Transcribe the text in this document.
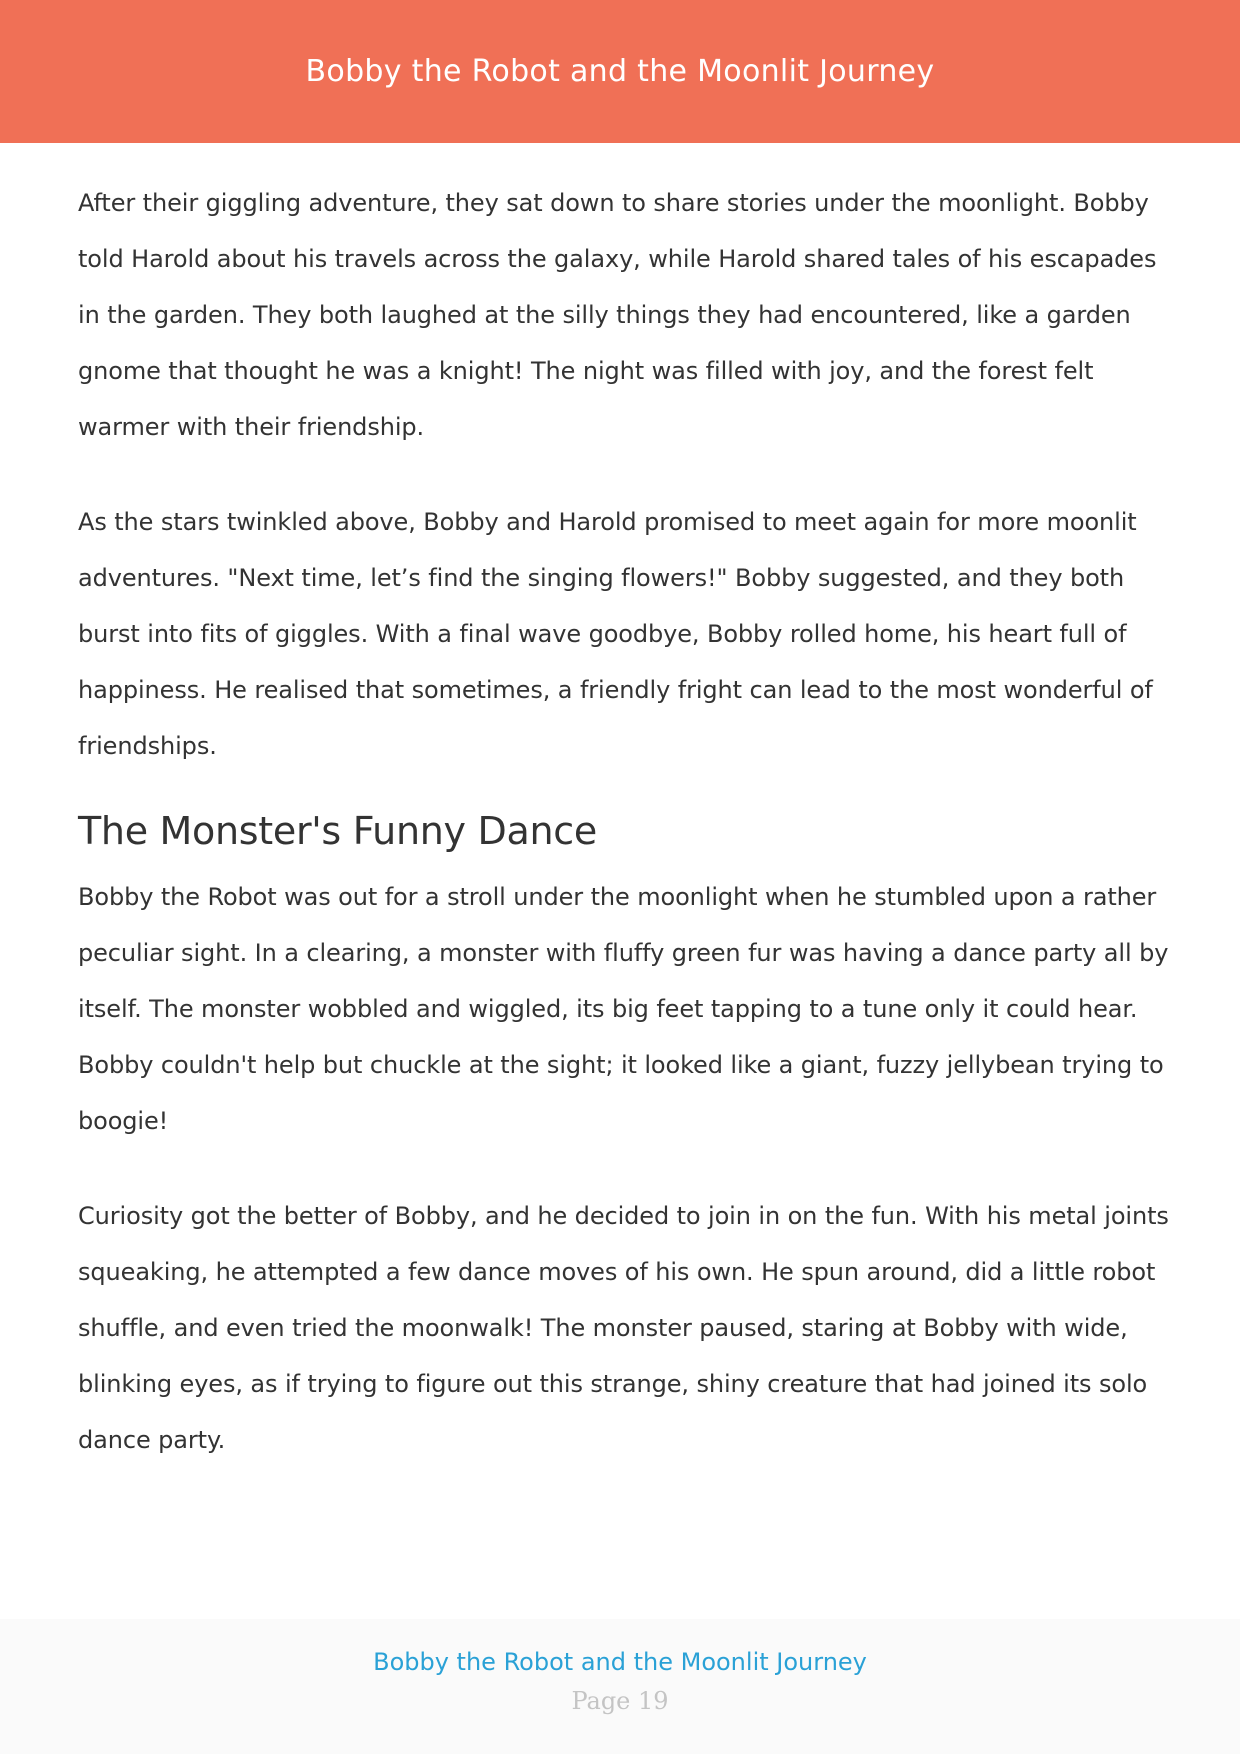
Bobby the Robot and the Moonlit Journey

After their giggling adventure, they sat down to share stories under the moonlight. Bobby told Harold about his travels across the galaxy, while Harold shared tales of his escapades in the garden. They both laughed at the silly things they had encountered, like a garden gnome that thought he was a knight! The night was filled with joy, and the forest felt warmer with their friendship.

As the stars twinkled above, Bobby and Harold promised to meet again for more moonlit adventures. "Next time, let’s find the singing flowers!" Bobby suggested, and they both burst into fits of giggles. With a final wave goodbye, Bobby rolled home, his heart full of happiness. He realised that sometimes, a friendly fright can lead to the most wonderful of friendships.

The Monster's Funny Dance

Bobby the Robot was out for a stroll under the moonlight when he stumbled upon a rather peculiar sight. In a clearing, a monster with fluffy green fur was having a dance party all by itself. The monster wobbled and wiggled, its big feet tapping to a tune only it could hear. Bobby couldn't help but chuckle at the sight; it looked like a giant, fuzzy jellybean trying to boogie!

Curiosity got the better of Bobby, and he decided to join in on the fun. With his metal joints squeaking, he attempted a few dance moves of his own. He spun around, did a little robot shuffle, and even tried the moonwalk! The monster paused, staring at Bobby with wide, blinking eyes, as if trying to figure out this strange, shiny creature that had joined its solo dance party.

Bobby the Robot and the Moonlit Journey
Page 19
